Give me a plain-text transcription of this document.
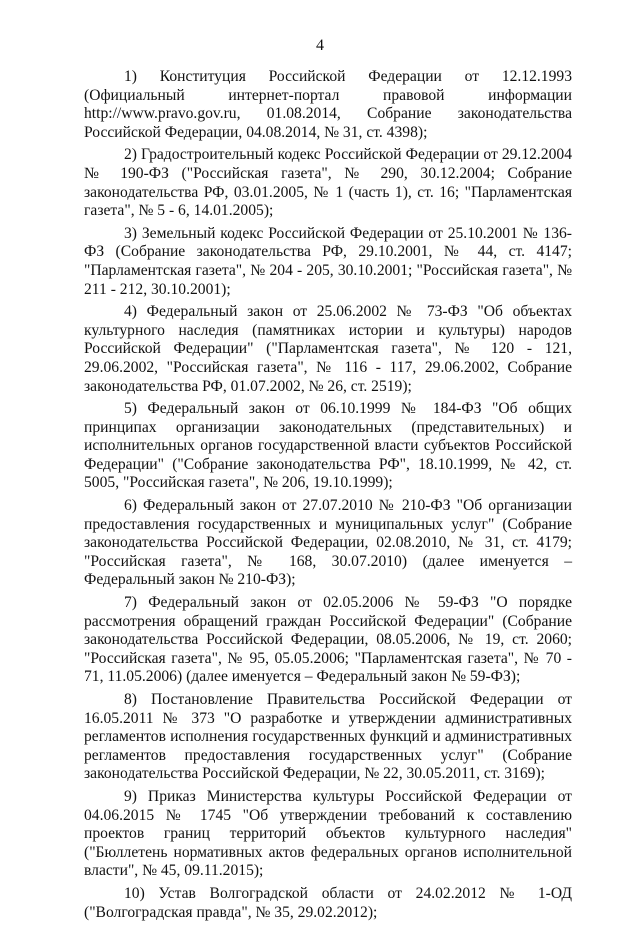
4

1) Конституция Российской Федерации от 12.12.1993 (Официальный интернет-портал правовой информации http://www.pravo.gov.ru, 01.08.2014, Собрание законодательства Российской Федерации, 04.08.2014, № 31, ст. 4398);

2) Градостроительный кодекс Российской Федерации от 29.12.2004 № 190-ФЗ ("Российская газета", № 290, 30.12.2004; Собрание законодательства РФ, 03.01.2005, № 1 (часть 1), ст. 16; "Парламентская газета", № 5 - 6, 14.01.2005);

3) Земельный кодекс Российской Федерации от 25.10.2001 № 136-ФЗ (Собрание законодательства РФ, 29.10.2001, № 44, ст. 4147; "Парламентская газета", № 204 - 205, 30.10.2001; "Российская газета", № 211 - 212, 30.10.2001);

4) Федеральный закон от 25.06.2002 № 73-ФЗ "Об объектах культурного наследия (памятниках истории и культуры) народов Российской Федерации" ("Парламентская газета", № 120 - 121, 29.06.2002, "Российская газета", № 116 - 117, 29.06.2002, Собрание законодательства РФ, 01.07.2002, № 26, ст. 2519);

5) Федеральный закон от 06.10.1999 № 184-ФЗ "Об общих принципах организации законодательных (представительных) и исполнительных органов государственной власти субъектов Российской Федерации" ("Собрание законодательства РФ", 18.10.1999, № 42, ст. 5005, "Российская газета", № 206, 19.10.1999);

6) Федеральный закон от 27.07.2010 № 210-ФЗ "Об организации предоставления государственных и муниципальных услуг" (Собрание законодательства Российской Федерации, 02.08.2010, № 31, ст. 4179; "Российская газета", № 168, 30.07.2010) (далее именуется – Федеральный закон № 210-ФЗ);

7) Федеральный закон от 02.05.2006 № 59-ФЗ "О порядке рассмотрения обращений граждан Российской Федерации" (Собрание законодательства Российской Федерации, 08.05.2006, № 19, ст. 2060; "Российская газета", № 95, 05.05.2006; "Парламентская газета", № 70 - 71, 11.05.2006) (далее именуется – Федеральный закон № 59-ФЗ);

8) Постановление Правительства Российской Федерации от 16.05.2011 № 373 "О разработке и утверждении административных регламентов исполнения государственных функций и административных регламентов предоставления государственных услуг" (Собрание законодательства Российской Федерации, № 22, 30.05.2011, ст. 3169);

9) Приказ Министерства культуры Российской Федерации от 04.06.2015 № 1745 "Об утверждении требований к составлению проектов границ территорий объектов культурного наследия" ("Бюллетень нормативных актов федеральных органов исполнительной власти", № 45, 09.11.2015);

10) Устав Волгоградской области от 24.02.2012 № 1-ОД ("Волгоградская правда", № 35, 29.02.2012);
